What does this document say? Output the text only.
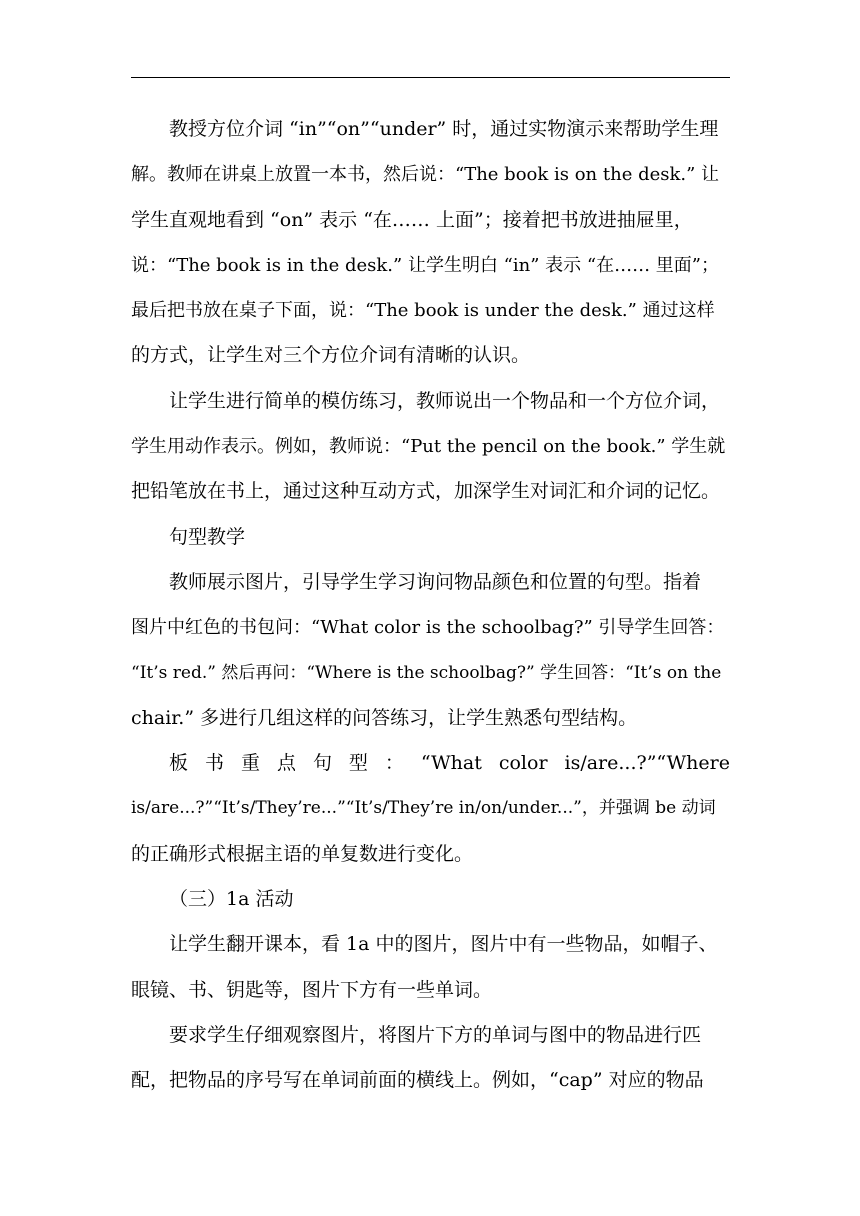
教授方位介词 “in”“on”“under” 时，通过实物演示来帮助学生理
解。教师在讲桌上放置一本书，然后说：“The book is on the desk.” 让
学生直观地看到 “on” 表示 “在…… 上面”；接着把书放进抽屉里，
说：“The book is in the desk.” 让学生明白 “in” 表示 “在…… 里面”；
最后把书放在桌子下面，说：“The book is under the desk.” 通过这样
的方式，让学生对三个方位介词有清晰的认识。
让学生进行简单的模仿练习，教师说出一个物品和一个方位介词，
学生用动作表示。例如，教师说：“Put the pencil on the book.” 学生就
把铅笔放在书上，通过这种互动方式，加深学生对词汇和介词的记忆。
句型教学
教师展示图片，引导学生学习询问物品颜色和位置的句型。指着
图片中红色的书包问：“What color is the schoolbag?” 引导学生回答：
“It’s red.” 然后再问：“Where is the schoolbag?” 学生回答：“It’s on the
chair.” 多进行几组这样的问答练习，让学生熟悉句型结构。
板 书 重 点 句 型 ： “What color is/are...?”“Where
is/are...?”“It’s/They’re...”“It’s/They’re in/on/under...”，并强调 be 动词
的正确形式根据主语的单复数进行变化。
（三）1a 活动
让学生翻开课本，看 1a 中的图片，图片中有一些物品，如帽子、
眼镜、书、钥匙等，图片下方有一些单词。
要求学生仔细观察图片，将图片下方的单词与图中的物品进行匹
配，把物品的序号写在单词前面的横线上。例如，“cap” 对应的物品
